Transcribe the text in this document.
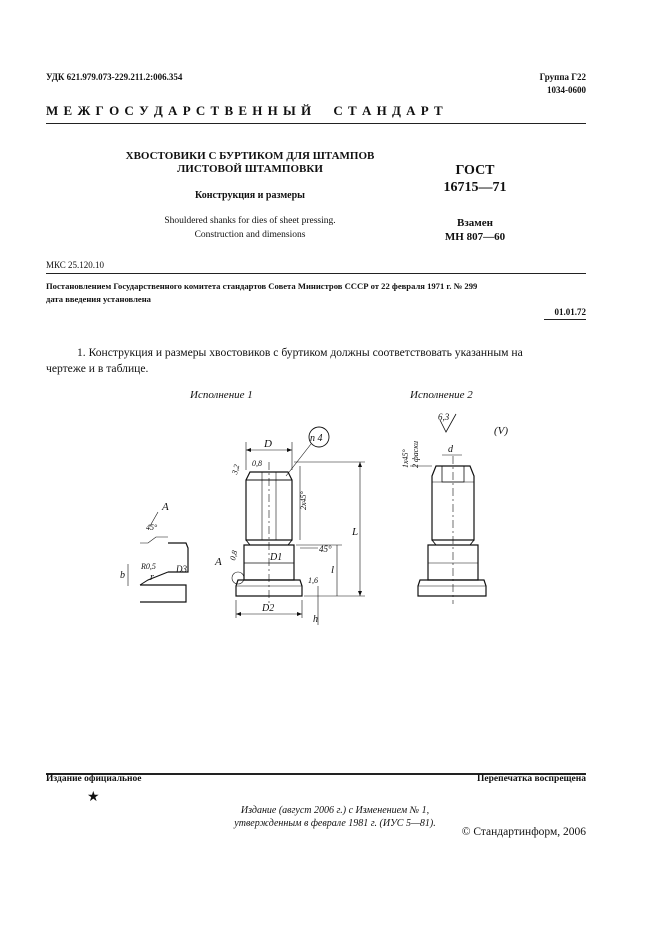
УДК 621.979.073-229.211.2:006.354	Группа Г22
1034-0600
М Е Ж Г О С У Д А Р С Т В Е Н Н Ы Й     С Т А Н Д А Р Т
ХВОСТОВИКИ С БУРТИКОМ ДЛЯ ШТАМПОВ
ЛИСТОВОЙ ШТАМПОВКИ
Конструкция и размеры
Shouldered shanks for dies of sheet pressing.
Construction and dimensions
ГОСТ
16715—71
Взамен
МН 807—60
МКС 25.120.10
Постановлением Государственного комитета стандартов Совета Министров СССР от 22 февраля 1971 г. № 299
дата введения установлена
01.01.72
1. Конструкция и размеры хвостовиков с буртиком должны соответствовать указанным на
чертеже и в таблице.
Исполнение 1	Исполнение 2
D	n 4
3,2 0,8
2x45°
L
l
45°
D1
A
0,8
D2
h
1,6
A
45°
R0,5 D3
r
b
6,3
(V)
1x45° 2 фаски	d
Издание официальное	Перепечатка воспрещена
★
Издание (август 2006 г.) с Изменением № 1,
утвержденным в феврале 1981 г. (ИУС 5—81).
© Стандартинформ, 2006
